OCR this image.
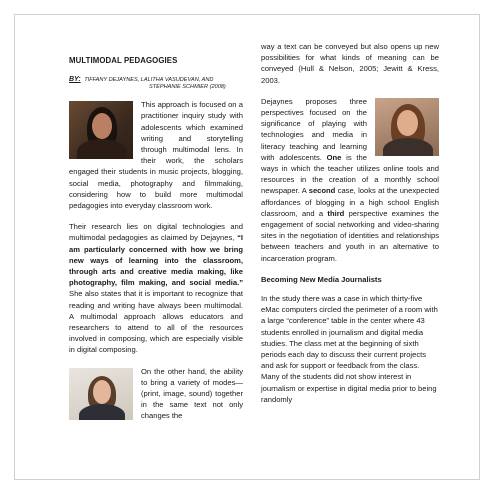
MULTIMODAL PEDAGOGIES
BY: TIFFANY DEJAYNES, LALITHA VASUDEVAN, AND
STEPHANIE SCHMIER (2008)

This approach is focused on a practitioner inquiry study with adolescents which examined writing and storytelling through multimodal lens. In their work, the scholars engaged their students in music projects, blogging, social media, photography and filmmaking, considering how to build more multimodal pedagogies into everyday classroom work.

Their research lies on digital technologies and multimodal pedagogies as claimed by Dejaynes, “I am particularly concerned with how we bring new ways of learning into the classroom, through arts and creative media making, like photography, film making, and social media.” She also states that it is important to recognize that reading and writing have always been multimodal. A multimodal approach allows educators and researchers to attend to all of the resources involved in composing, which are especially visible in digital composing.

On the other hand, the ability to bring a variety of modes—(print, image, sound) together in the same text not only changes the

way a text can be conveyed but also opens up new possibilities for what kinds of meaning can be conveyed (Hull & Nelson, 2005; Jewitt & Kress, 2003.

Dejaynes proposes three perspectives focused on the significance of playing with technologies and media in literacy teaching and learning with adolescents. One is the ways in which the teacher utilizes online tools and resources in the creation of a monthly school newspaper. A second case, looks at the unexpected affordances of blogging in a high school English classroom, and a third perspective examines the engagement of social networking and video-sharing sites in the negotiation of identities and relationships between teachers and youth in an alternative to incarceration program.

Becoming New Media Journalists

In the study there was a case in which thirty-five eMac computers circled the perimeter of a room with a large “conference” table in the center where 43 students enrolled in journalism and digital media studies. The class met at the beginning of sixth periods each day to discuss their current projects and ask for support or feedback from the class. Many of the students did not show interest in journalism or expertise in digital media prior to being randomly
